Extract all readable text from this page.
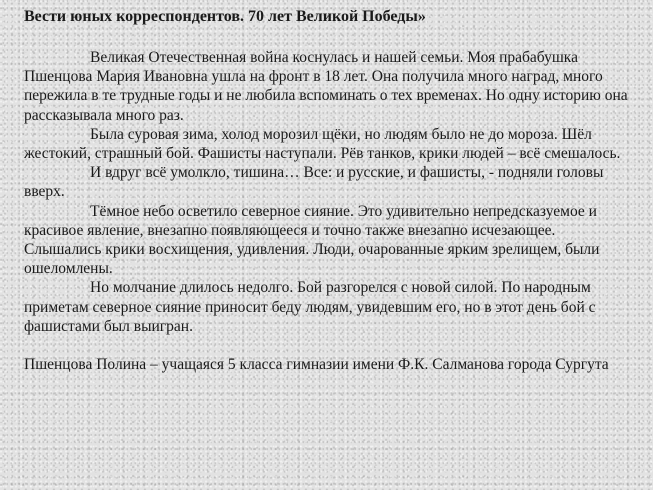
Вести юных корреспондентов. 70 лет Великой Победы»

Великая Отечественная война коснулась и нашей семьи. Моя прабабушка Пшенцова Мария Ивановна ушла на фронт в 18 лет. Она получила много наград, много пережила в те трудные годы и не любила вспоминать о тех временах. Но одну историю она рассказывала много раз.

Была суровая зима, холод морозил щёки, но людям было не до мороза. Шёл жестокий, страшный бой. Фашисты наступали. Рёв танков, крики людей – всё смешалось.

И вдруг всё умолкло, тишина… Все: и русские, и фашисты, - подняли головы вверх.

Тёмное небо осветило северное сияние. Это удивительно непредсказуемое и красивое явление, внезапно появляющееся и точно также внезапно исчезающее. Слышались крики восхищения, удивления. Люди, очарованные ярким зрелищем, были ошеломлены.

Но молчание длилось недолго. Бой разгорелся с новой силой. По народным приметам северное сияние приносит беду людям, увидевшим его, но в этот день бой с фашистами был выигран.

Пшенцова Полина – учащаяся 5 класса гимназии имени Ф.К. Салманова города Сургута
